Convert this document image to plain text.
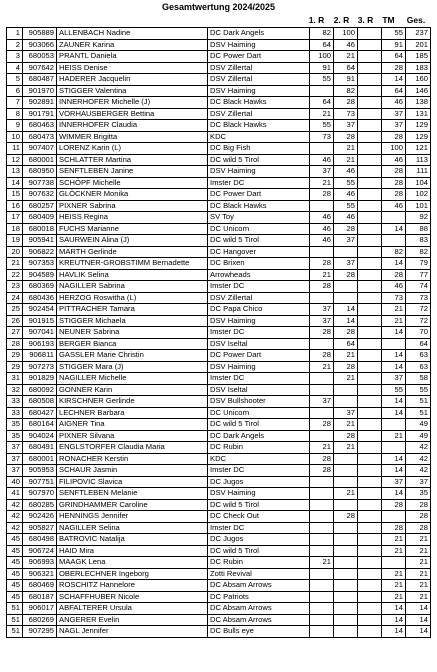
Gesamtwertung 2024/2025
1. R	2. R 3. R	TM	Ges.
1	905889	ALLENBACH Nadine	DC Dark Angels	82	100		55	237
2	903066	ZAUNER Karina	DSV Haiming	64	46		91	201
3	680053	PRANTL Daniela	DC Power Dart	100	21		64	185
4	907642	HEISS Denise	DSV Zillertal	91	64		28	183
5	680487	HADERER Jacquelin	DSV Zillertal	55	91		14	160
6	901970	STIGGER Valentina	DSV Haiming		82		64	146
7	902891	INNERHOFER Michelle (J)	DC Black Hawks	64	28		46	138
8	901791	VORHAUSBERGER Bettina	DSV Zillertal	21	73		37	131
9	680463	INNERHOFER Claudia	DC Black Hawks	55	37		37	129
10	680473	WIMMER Brigitta	KDC	73	28		28	129
11	907407	LORENZ Karin (L)	DC Big Fish		21		100	121
12	680001	SCHLATTER Martina	DC wild 5 Tirol	46	21		46	113
13	680950	SENFTLEBEN Janine	DSV Haiming	37	46		28	111
14	907738	SCHÖPF Michelle	Imster DC	21	55		28	104
15	907632	GLÖCKNER Monika	DC Power Dart	28	46		28	102
16	680257	PIXNER Sabrina	DC Black Hawks		55		46	101
17	680409	HEISS Regina	SV Toy	46	46			92
18	680018	FUCHS Marianne	DC Unicorn	46	28		14	88
19	905941	SAURWEIN Alina (J)	DC wild 5 Tirol	46	37			83
20	906822	MARTH Gerlinde	DC Hangover				82	82
21	907353	KREUTNER-GROBSTIMM Bernadette	DC Brixen	28	37		14	79
22	904589	HAVLIK Selina	Arrowheads	21	28		28	77
23	680369	NAGILLER Sabrina	Imster DC	28			46	74
24	680436	HERZOG Roswitha (L)	DSV Zillertal				73	73
25	902454	PITTRACHER Tamara	DC Papa Chico	37	14		21	72
26	901915	STIGGER Michaela	DSV Haiming	37	14		21	72
27	907041	NEUNER Sabrina	Imster DC	28	28		14	70
28	906193	BERGER Bianca	DSV Iseltal		64			64
29	906811	GASSLER Marie Christin	DC Power Dart	28	21		14	63
29	907273	STIGGER Mara (J)	DSV Haiming	21	28		14	63
31	901829	NAGILLER Michelle	Imster DC		21		37	58
32	680092	GONNER Karin	DSV Iseltal				55	55
33	680508	KIRSCHNER Gerlinde	DSV Bullshooter	37			14	51
33	680427	LECHNER Barbara	DC Unicorn		37		14	51
35	680164	AIGNER Tina	DC wild 5 Tirol	28	21			49
35	904024	PIXNER Silvana	DC Dark Angels		28		21	49
37	680491	ENGLSTORFER Claudia Maria	DC Rubin	21	21			42
37	680001	RONACHER Kerstin	KDC	28			14	42
37	905953	SCHAUR Jasmin	Imster DC	28			14	42
40	907751	FILIPOVIC Slavica	DC Jugos				37	37
41	907970	SENFTLEBEN Melanie	DSV Haiming		21		14	35
42	680285	GRINDHAMMER Caroline	DC wild 5 Tirol				28	28
42	902426	HENNINGS Jennifer	DC Check Out		28			28
42	905827	NAGILLER Selina	Imster DC				28	28
45	680498	BATROVIC Natalija	DC Jugos				21	21
45	906724	HAID Mira	DC wild 5 Tirol				21	21
45	906993	MAAGK Lena	DC Rubin	21				21
45	906321	OBERLECHNER Ingeborg	Zotti Revival				21	21
45	680469	ROSCHITZ Hannelore	DC Absam Arrows				21	21
45	680187	SCHAFFHUBER Nicole	DC Patriots				21	21
51	906017	ABFALTERER Ursula	DC Absam Arrows				14	14
51	680269	ANGERER Evelin	DC Absam Arrows				14	14
51	907295	NAGL Jennifer	DC Bulls eye				14	14
